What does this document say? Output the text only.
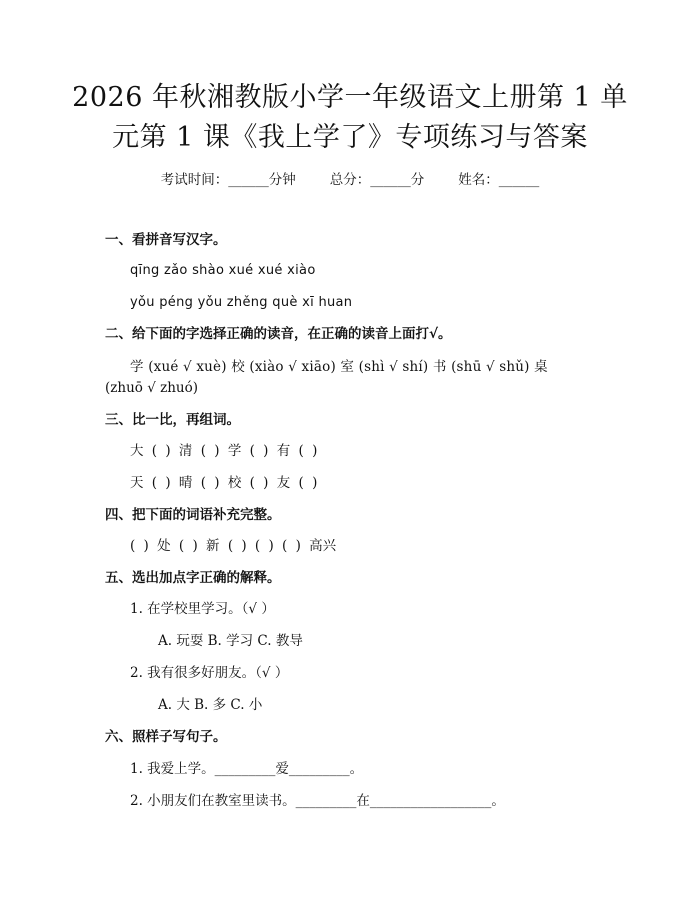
2026 年秋湘教版小学一年级语文上册第 1 单
元第 1 课《我上学了》专项练习与答案
考试时间：______分钟	总分：______分	姓名：______
一、看拼音写汉字。
qīng zǎo shào xué xué xiào
yǒu péng yǒu zhěng què xī huan
二、给下面的字选择正确的读音，在正确的读音上面打√。
学 (xué √ xuè) 校 (xiào √ xiāo) 室 (shì √ shí) 书 (shū √ shǔ) 桌
(zhuō √ zhuó)
三、比一比，再组词。
大 ( ) 清 ( ) 学 ( ) 有 ( )
天 ( ) 晴 ( ) 校 ( ) 友 ( )
四、把下面的词语补充完整。
( ) 处 ( ) 新 ( ) ( ) ( ) 高兴
五、选出加点字正确的解释。
1. 在学校里学习。（√ ）
A. 玩耍 B. 学习 C. 教导
2. 我有很多好朋友。（√ ）
A. 大 B. 多 C. 小
六、照样子写句子。
1. 我爱上学。_________爱_________。
2. 小朋友们在教室里读书。_________在__________________。
